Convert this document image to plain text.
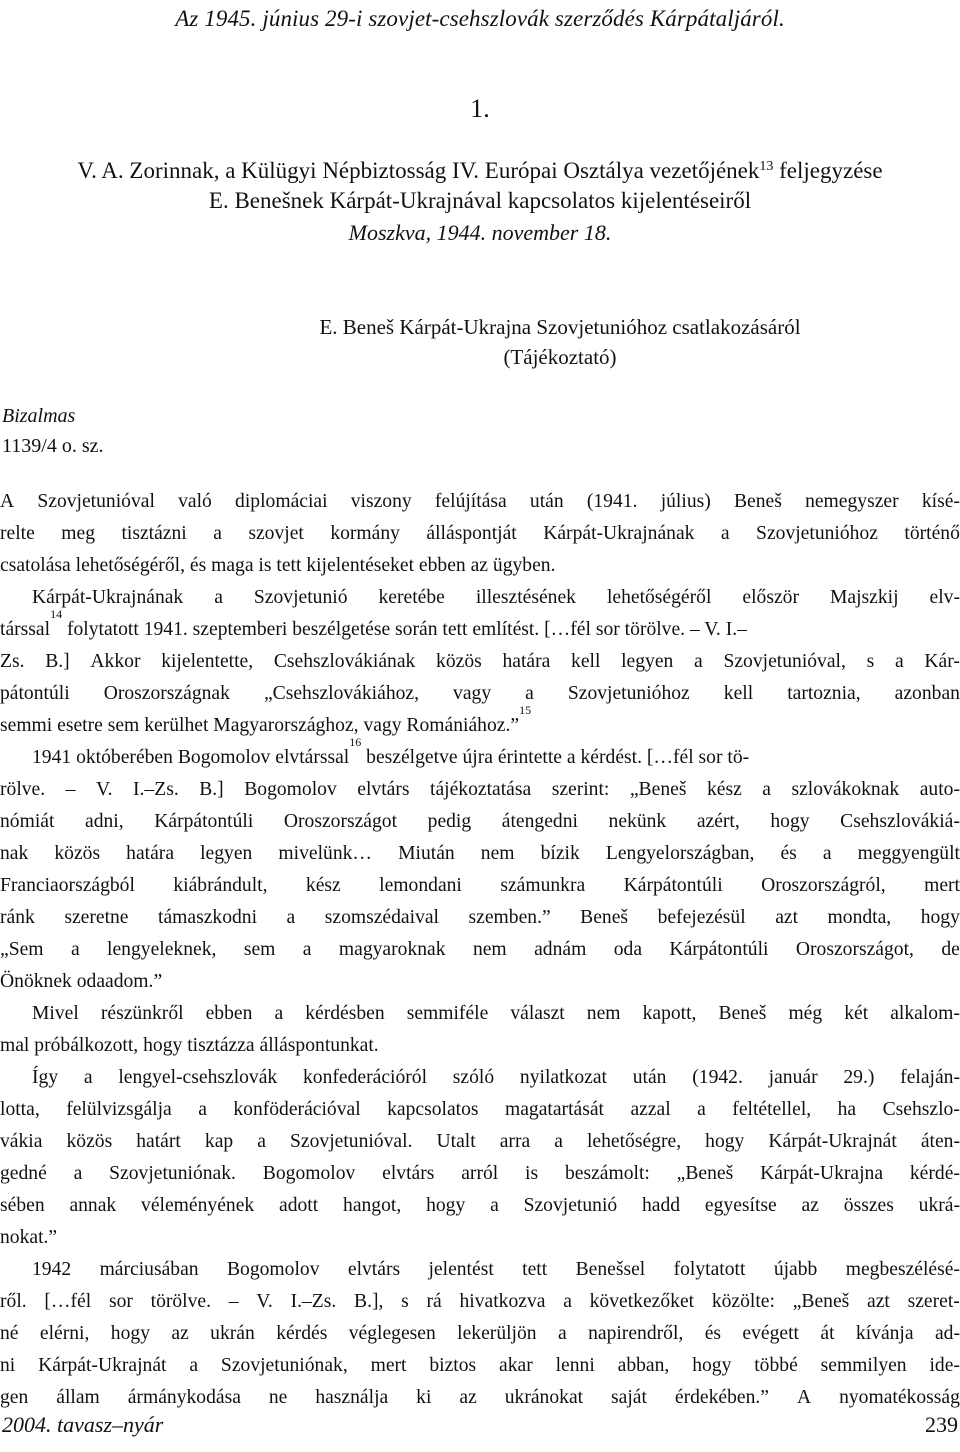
Az 1945. június 29-i szovjet-csehszlovák szerződés Kárpátaljáról.
1.
V. A. Zorinnak, a Külügyi Népbiztosság IV. Európai Osztálya vezetőjének$^{13}$ feljegyzése
E. Benešnek Kárpát-Ukrajnával kapcsolatos kijelentéseiről
Moszkva, 1944. november 18.
E. Beneš Kárpát-Ukrajna Szovjetunióhoz csatlakozásáról
(Tájékoztató)
Bizalmas
1139/4 o. sz.
A Szovjetunióval való diplomáciai viszony felújítása után (1941. július) Beneš nemegyszer kísé-
relte meg tisztázni a szovjet kormány álláspontját Kárpát-Ukrajnának a Szovjetunióhoz történő
csatolása lehetőségéről, és maga is tett kijelentéseket ebben az ügyben.
Kárpát-Ukrajnának a Szovjetunió keretébe illesztésének lehetőségéről először Majszkij elv-
társsal
14

folytatott 1941. szeptemberi beszélgetése során tett említést. […fél sor törölve. – V. I.–
Zs. B.] Akkor kijelentette, Csehszlovákiának közös határa kell legyen a Szovjetunióval, s a Kár-
pátontúli Oroszországnak „Csehszlovákiához, vagy a Szovjetunióhoz kell tartoznia, azonban
semmi esetre sem kerülhet Magyarországhoz, vagy Romániához.”
15
1941 októberében Bogomolov elvtárssal
16

beszélgetve újra érintette a kérdést. […fél sor tö-
rölve. – V. I.–Zs. B.] Bogomolov elvtárs tájékoztatása szerint: „Beneš kész a szlovákoknak auto-
nómiát adni, Kárpátontúli Oroszországot pedig átengedni nekünk azért, hogy Csehszlovákiá-
nak közös határa legyen mivelünk… Miután nem bízik Lengyelországban, és a meggyengült
Franciaországból kiábrándult, kész lemondani számunkra Kárpátontúli Oroszországról, mert
ránk szeretne támaszkodni a szomszédaival szemben.” Beneš befejezésül azt mondta, hogy
„Sem a lengyeleknek, sem a magyaroknak nem adnám oda Kárpátontúli Oroszországot, de
Önöknek odaadom.”
Mivel részünkről ebben a kérdésben semmiféle választ nem kapott, Beneš még két alkalom-
mal próbálkozott, hogy tisztázza álláspontunkat.
Így a lengyel-csehszlovák konfederációról szóló nyilatkozat után (1942. január 29.) felaján-
lotta, felülvizsgálja a konföderációval kapcsolatos magatartását azzal a feltétellel, ha Csehszlo-
vákia közös határt kap a Szovjetunióval. Utalt arra a lehetőségre, hogy Kárpát-Ukrajnát áten-
gedné a Szovjetuniónak. Bogomolov elvtárs arról is beszámolt: „Beneš Kárpát-Ukrajna kérdé-
sében annak véleményének adott hangot, hogy a Szovjetunió hadd egyesítse az összes ukrá-
nokat.”
1942 márciusában Bogomolov elvtárs jelentést tett Benešsel folytatott újabb megbeszélésé-
ről. […fél sor törölve. – V. I.–Zs. B.], s rá hivatkozva a következőket közölte: „Beneš azt szeret-
né elérni, hogy az ukrán kérdés véglegesen lekerüljön a napirendről, és evégett át kívánja ad-
ni Kárpát-Ukrajnát a Szovjetuniónak, mert biztos akar lenni abban, hogy többé semmilyen ide-
gen állam ármánykodása ne használja ki az ukránokat saját érdekében.” A nyomatékosság
2004. tavasz–nyár	239
